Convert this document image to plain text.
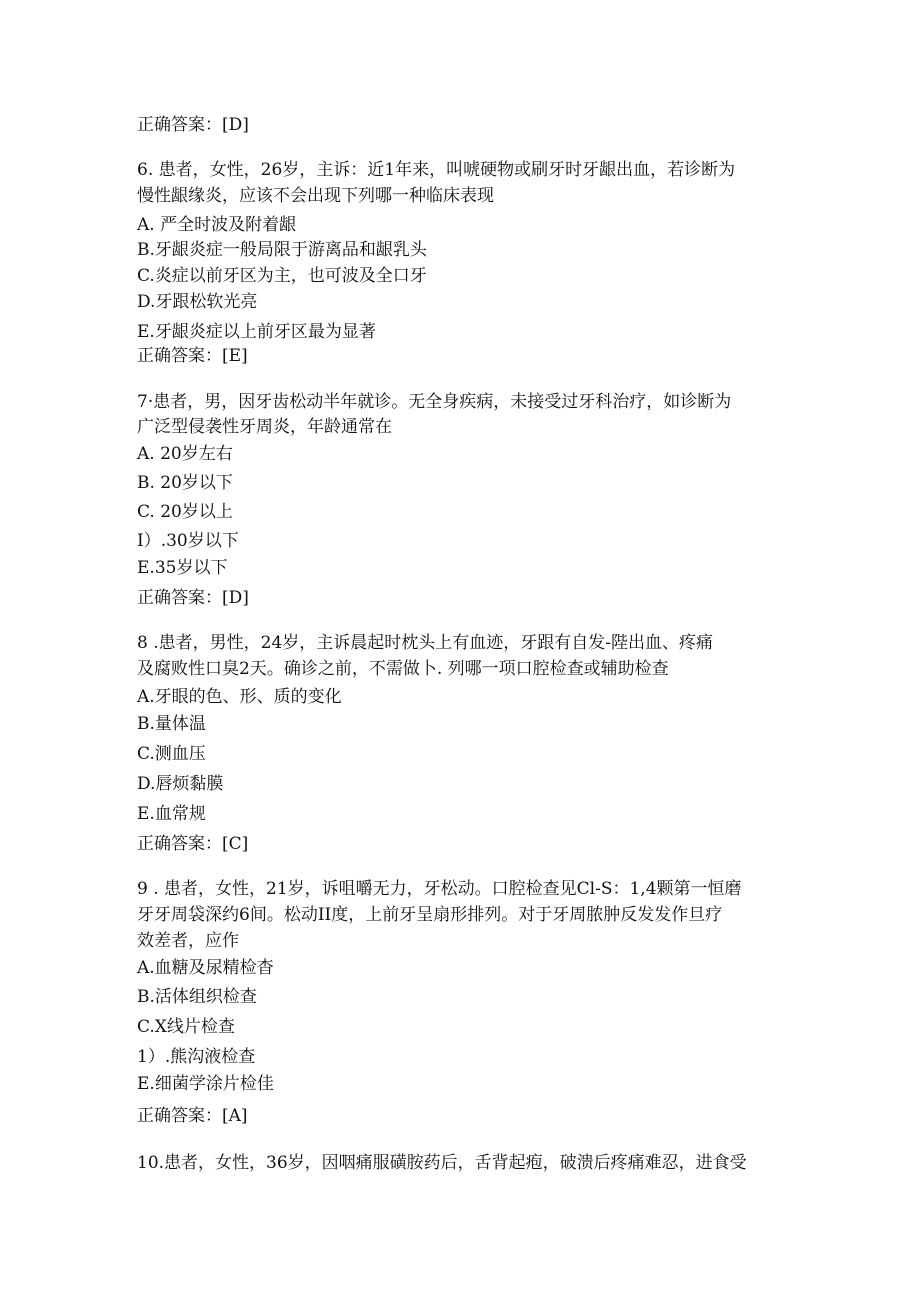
正确答案：[D]
6. 患者，女性，26岁，主诉：近1年来，叫唬硬物或刷牙时牙龈出血，若诊断为
慢性龈缘炎，应该不会出现下列哪一种临床表现
A. 严全时波及附着龈
B.牙龈炎症一般局限于游离品和龈乳头
C.炎症以前牙区为主，也可波及全口牙
D.牙跟松软光亮
E.牙龈炎症以上前牙区最为显著
正确答案：[E]
7·患者，男，因牙齿松动半年就诊。无全身疾病，未接受过牙科治疗，如诊断为
广泛型侵袭性牙周炎，年龄通常在
A. 20岁左右
B. 20岁以下
C. 20岁以上
I）.30岁以下
E.35岁以下
正确答案：[D]
8 .患者，男性，24岁，主诉晨起时枕头上有血迹，牙跟有自发-陛出血、疼痛
及腐败性口臭2天。确诊之前，不需做卜. 列哪一项口腔检查或辅助检查
A.牙眼的色、形、质的变化
B.量体温
C.测血压
D.唇烦黏膜
E.血常规
正确答案：[C]
9 . 患者，女性，21岁，诉咀嚼无力，牙松动。口腔检查见Cl-S：1,4颗第一恒磨
牙牙周袋深约6间。松动II度，上前牙呈扇形排列。对于牙周脓肿反发发作旦疗
效差者，应作
A.血糖及尿精检杳
B.活体组织检查
C.X线片检查
1）.熊沟液检查
E.细菌学涂片检佳
正确答案：[A]
10.患者，女性，36岁，因咽痛服磺胺药后，舌背起疱，破溃后疼痛难忍，进食受
